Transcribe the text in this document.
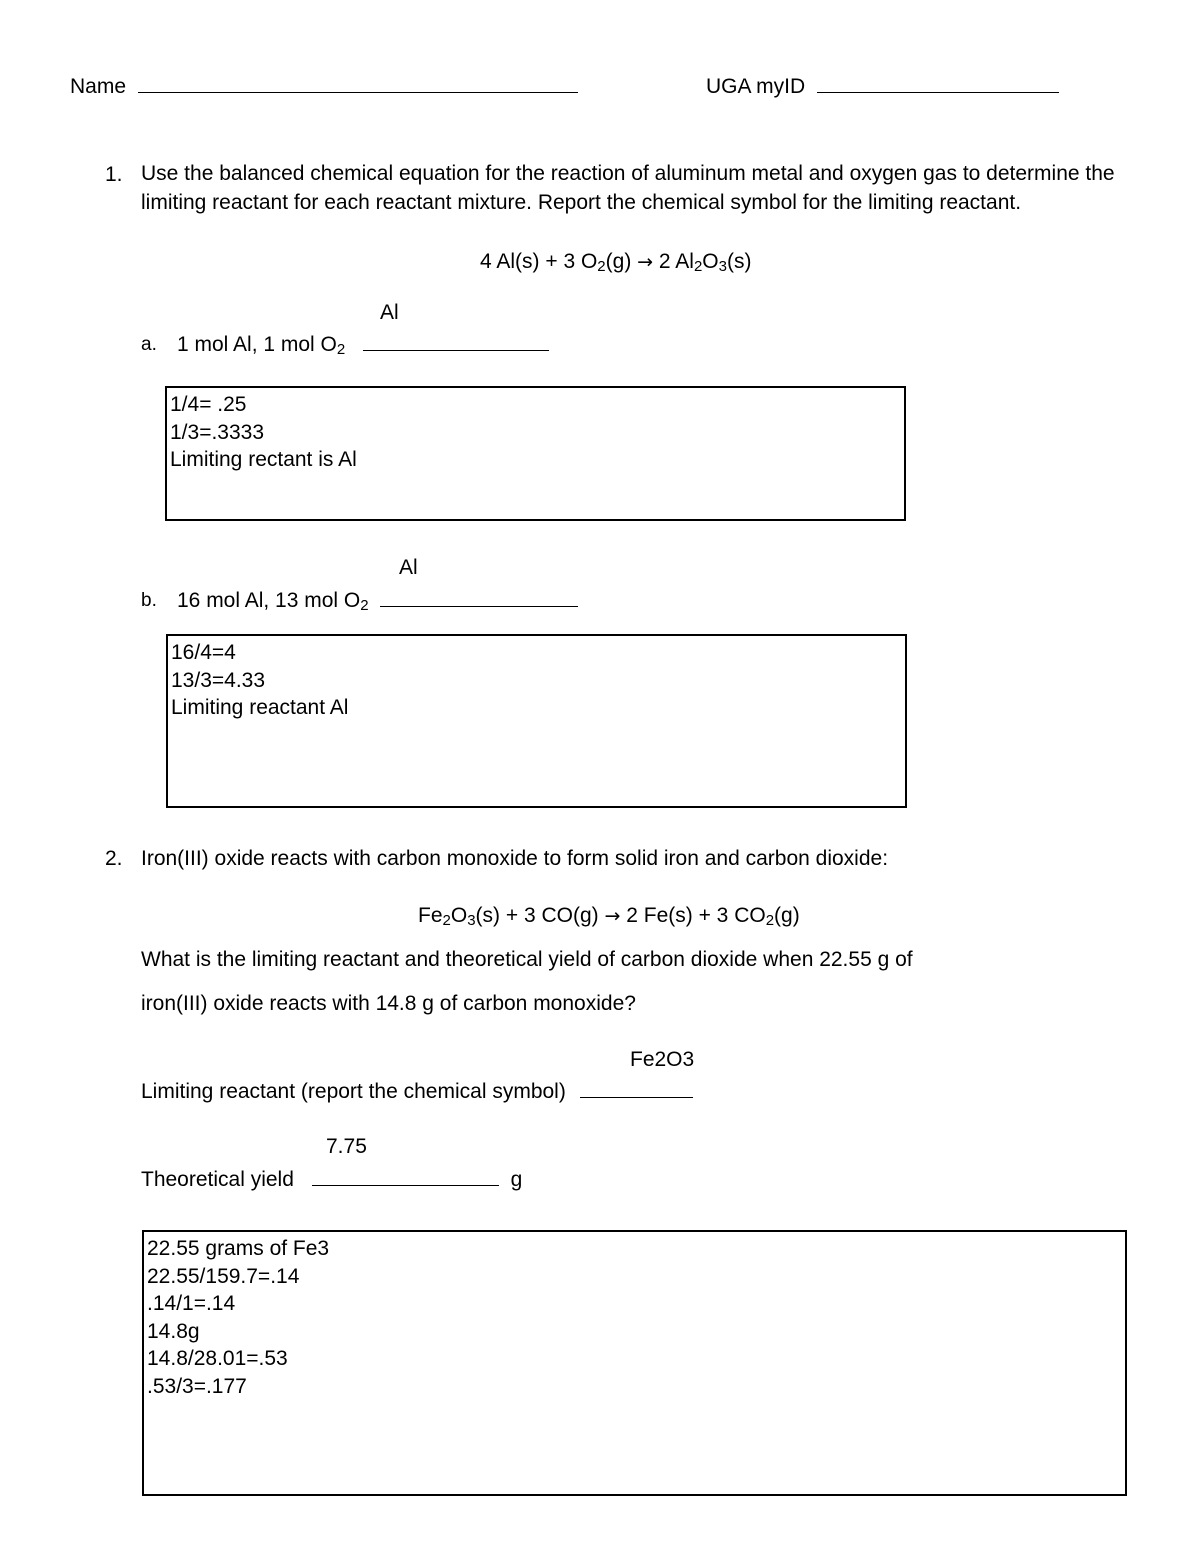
Name	UGA myID
1. Use the balanced chemical equation for the reaction of aluminum metal and oxygen gas to determine the limiting reactant for each reactant mixture. Report the chemical symbol for the limiting reactant.
4 Al(s) + 3 $O_2(g) \to 2$ $Al_2O_3(s)$
Al
a. 1 mol Al, 1 mol $O_2$
1/4= .25
1/3=.3333
Limiting rectant is Al
Al
b. 16 mol Al, 13 mol $O_2$
16/4=4
13/3=4.33
Limiting reactant Al
2. Iron(III) oxide reacts with carbon monoxide to form solid iron and carbon dioxide:
$Fe_2O_3(s) + 3$ CO(g) → 2 Fe(s) + 3 $CO_2(g)$
What is the limiting reactant and theoretical yield of carbon dioxide when 22.55 g of
iron(III) oxide reacts with 14.8 g of carbon monoxide?
Fe2O3
Limiting reactant (report the chemical symbol)
7.75
Theoretical yield	g
22.55 grams of Fe3
22.55/159.7=.14
.14/1=.14
14.8g
14.8/28.01=.53
.53/3=.177
